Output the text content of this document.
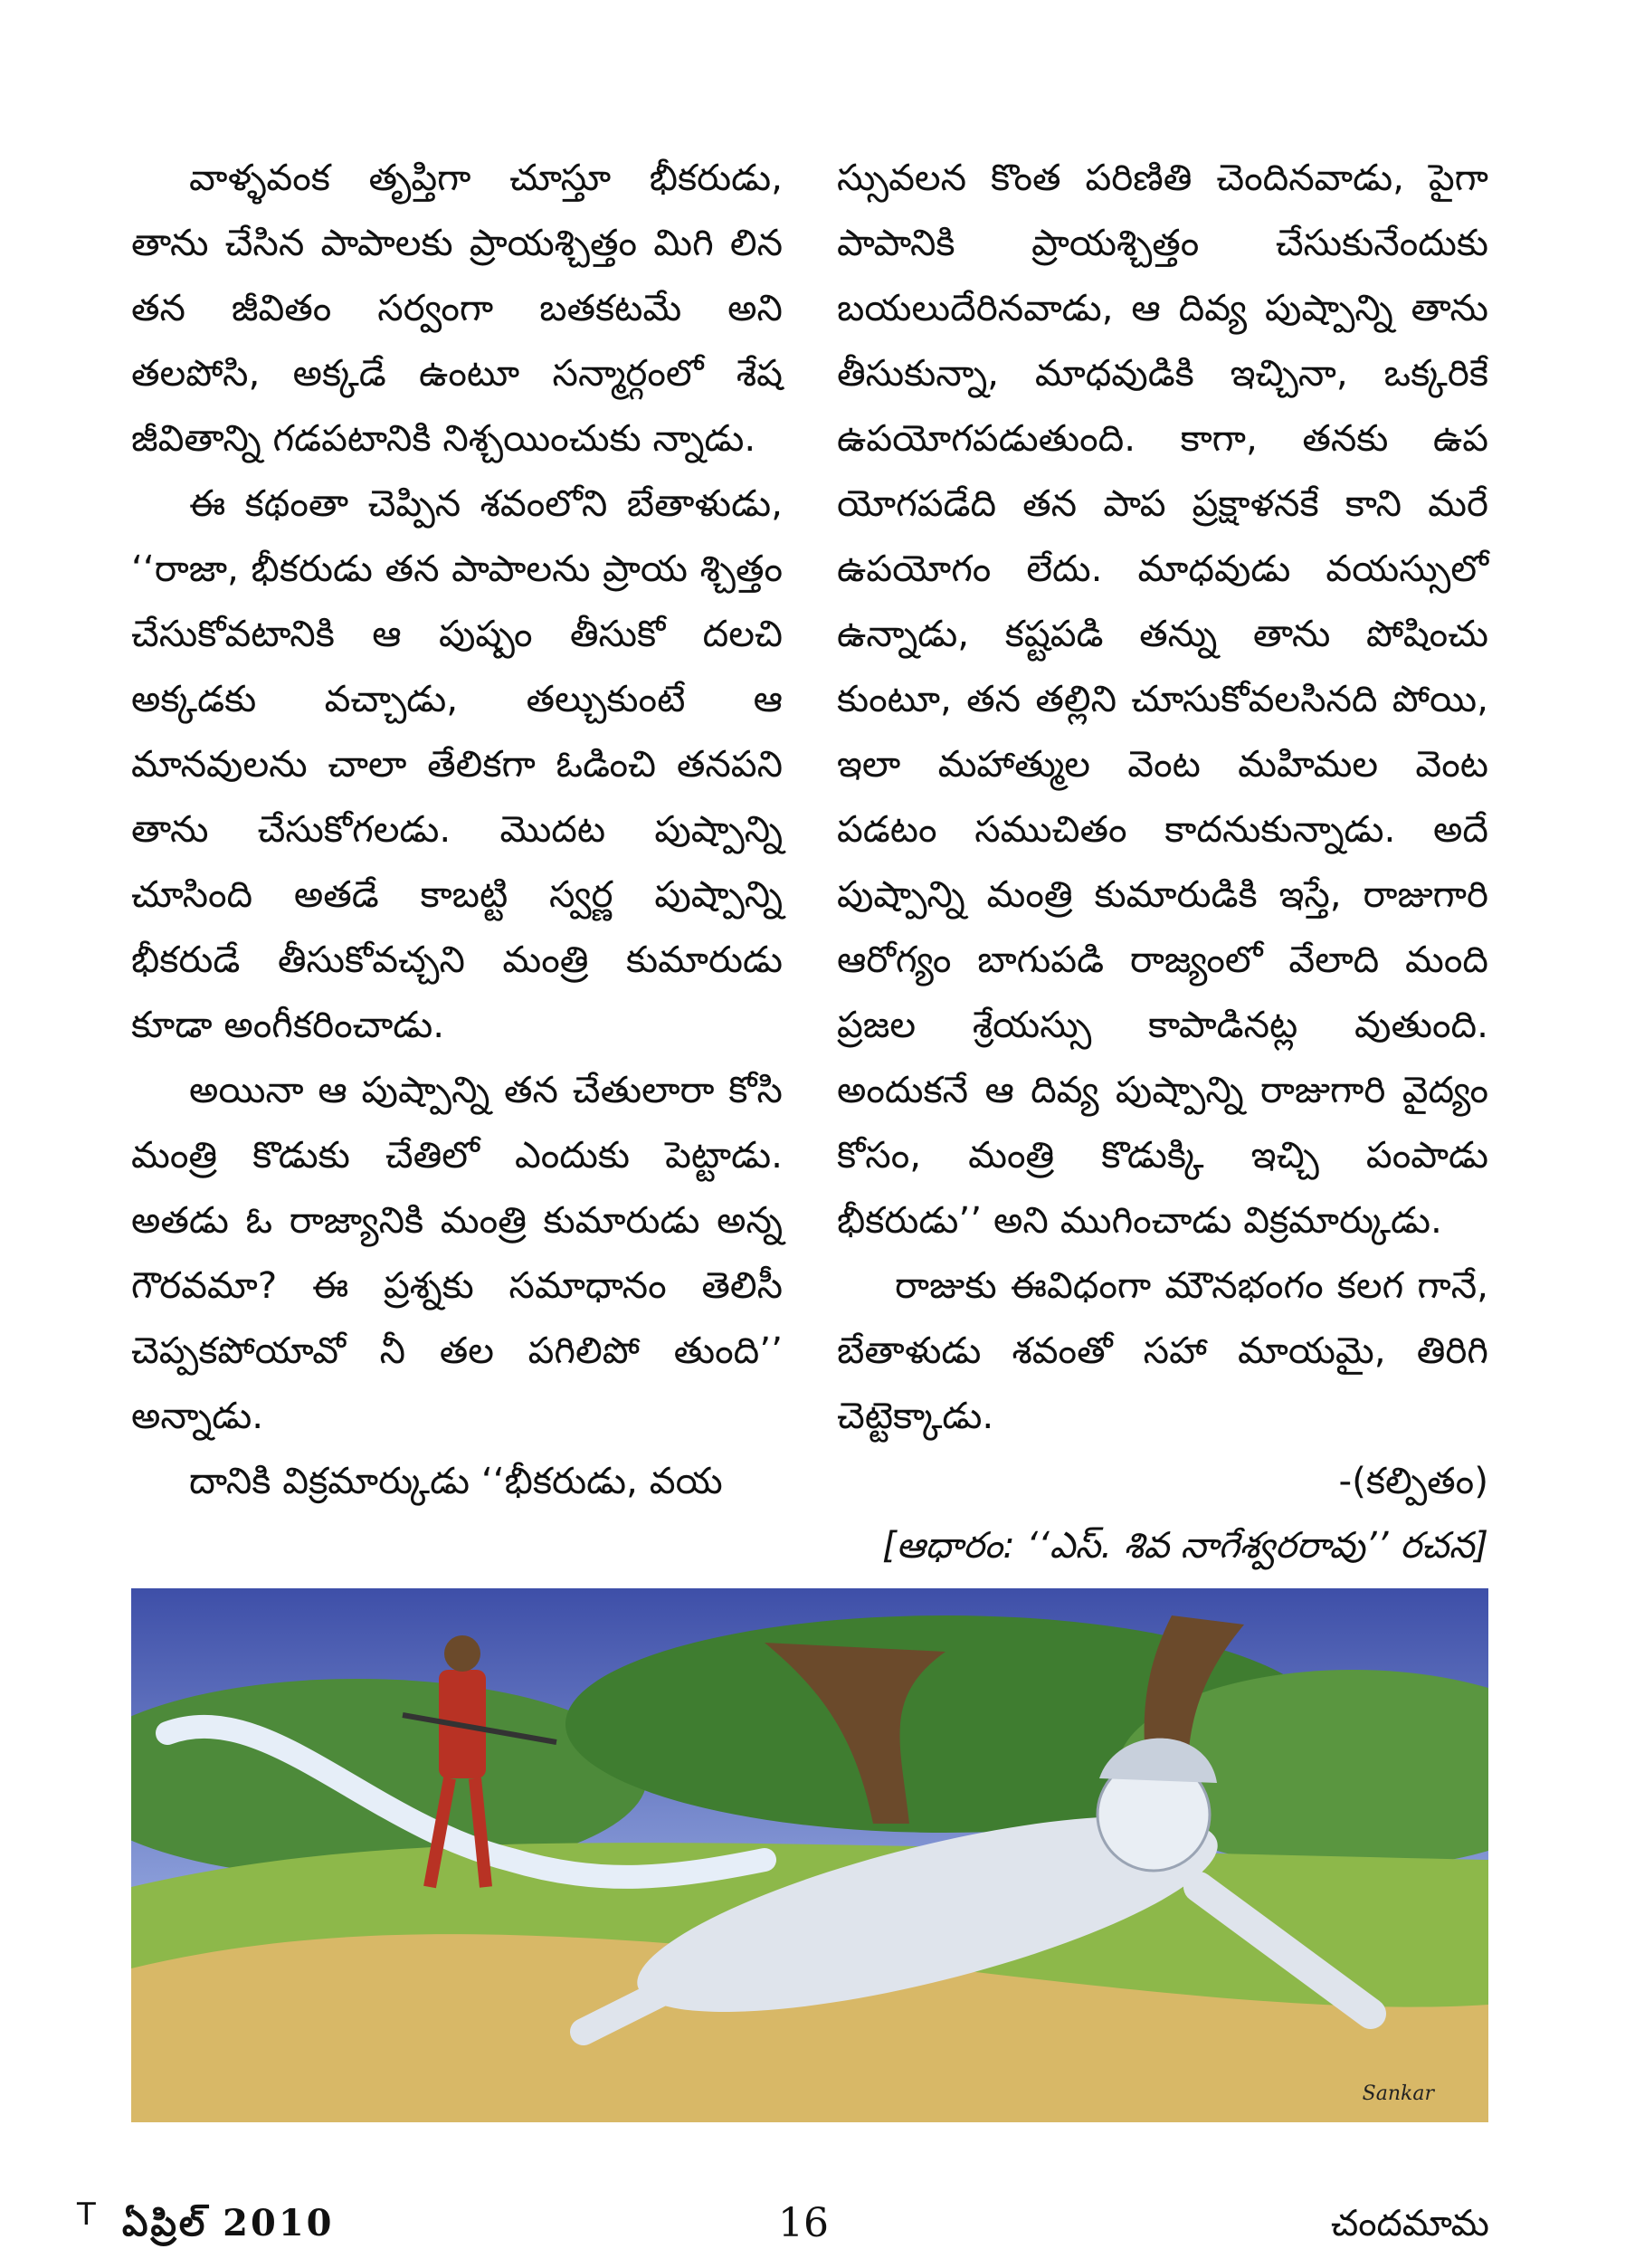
వాళ్ళవంక తృప్తిగా చూస్తూ భీకరుడు, తాను చేసిన పాపాలకు ప్రాయశ్చిత్తం మిగి లిన తన జీవితం సర్వంగా బతకటమే అని తలపోసి, అక్కడే ఉంటూ సన్మార్గంలో శేష జీవితాన్ని గడపటానికి నిశ్చయించుకు న్నాడు.

ఈ కథంతా చెప్పిన శవంలోని బేతాళుడు, ‘‘రాజా, భీకరుడు తన పాపాలను ప్రాయ శ్చిత్తం చేసుకోవటానికి ఆ పుష్పం తీసుకో దలచి అక్కడకు వచ్చాడు, తల్చుకుంటే ఆ మానవులను చాలా తేలికగా ఓడించి తనపని తాను చేసుకోగలడు. మొదట పుష్పాన్ని చూసింది అతడే కాబట్టి స్వర్ణ పుష్పాన్ని భీకరుడే తీసుకోవచ్చని మంత్రి కుమారుడు కూడా అంగీకరించాడు.

అయినా ఆ పుష్పాన్ని తన చేతులారా కోసి మంత్రి కొడుకు చేతిలో ఎందుకు పెట్టాడు. అతడు ఓ రాజ్యానికి మంత్రి కుమారుడు అన్న గౌరవమా? ఈ ప్రశ్నకు సమాధానం తెలిసీ చెప్పకపోయావో నీ తల పగిలిపో తుంది’’ అన్నాడు.

దానికి విక్రమార్కుడు ‘‘భీకరుడు, వయ

స్సువలన కొంత పరిణితి చెందినవాడు, పైగా పాపానికి ప్రాయశ్చిత్తం చేసుకునేందుకు బయలుదేరినవాడు, ఆ దివ్య పుష్పాన్ని తాను తీసుకున్నా, మాధవుడికి ఇచ్చినా, ఒక్కరికే ఉపయోగపడుతుంది. కాగా, తనకు ఉప యోగపడేది తన పాప ప్రక్షాళనకే కాని మరే ఉపయోగం లేదు. మాధవుడు వయస్సులో ఉన్నాడు, కష్టపడి తన్ను తాను పోషించు కుంటూ, తన తల్లిని చూసుకోవలసినది పోయి, ఇలా మహాత్ముల వెంట మహిమల వెంట పడటం సముచితం కాదనుకున్నాడు. అదే పుష్పాన్ని మంత్రి కుమారుడికి ఇస్తే, రాజుగారి ఆరోగ్యం బాగుపడి రాజ్యంలో వేలాది మంది ప్రజల శ్రేయస్సు కాపాడినట్ల వుతుంది. అందుకనే ఆ దివ్య పుష్పాన్ని రాజుగారి వైద్యం కోసం, మంత్రి కొడుక్కి ఇచ్చి పంపాడు భీకరుడు’’ అని ముగించాడు విక్రమార్కుడు.

రాజుకు ఈవిధంగా మౌనభంగం కలగ గానే, బేతాళుడు శవంతో సహా మాయమై, తిరిగి చెట్టెక్కాడు.

-(కల్పితం)

[ఆధారం: ‘‘ఎస్. శివ నాగేశ్వరరావు’’ రచన]

Sankar
T ఏప్రిల్ 2010	16	చందమామ
